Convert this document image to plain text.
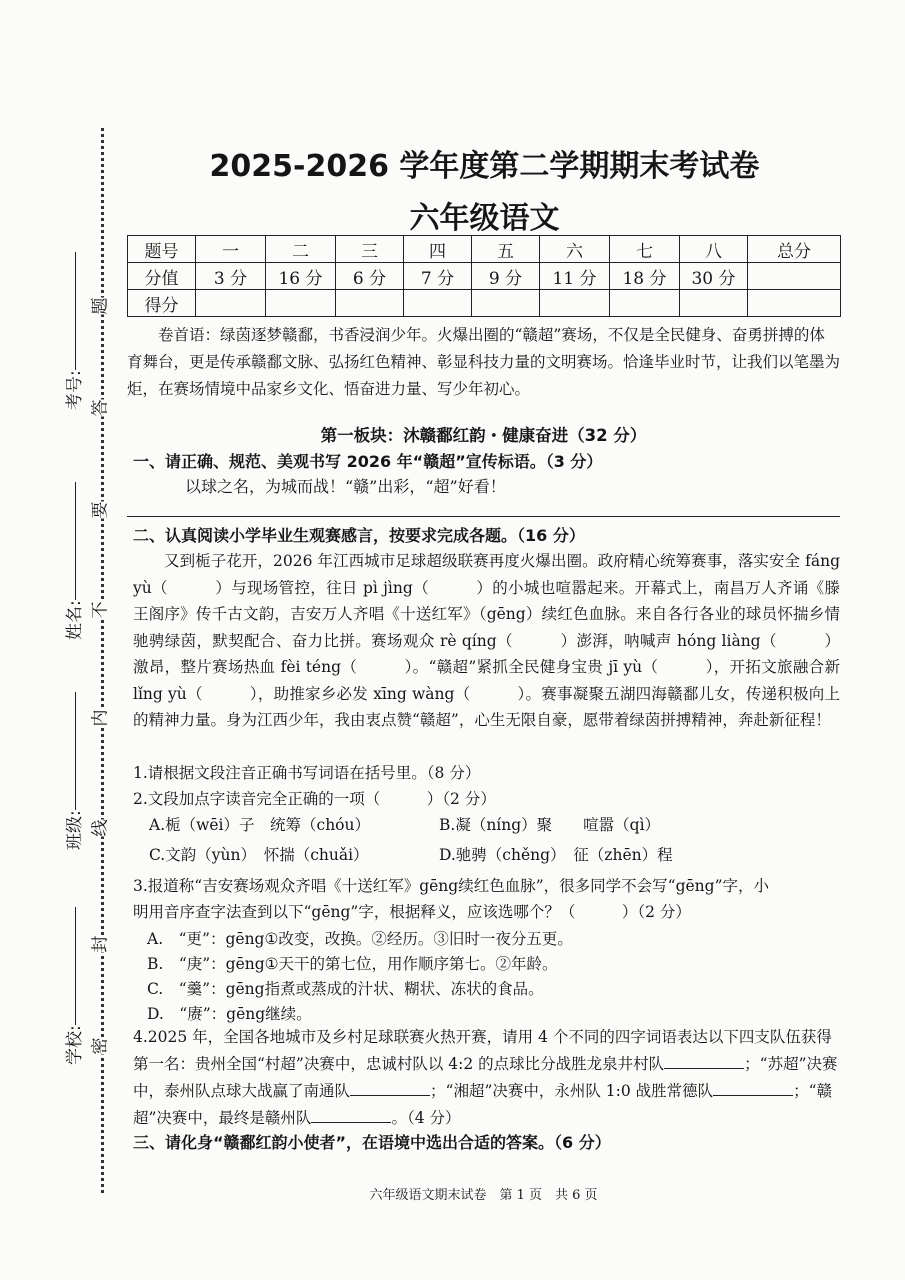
考号:
姓名:
班级:
学校:
题
答
要
不
内
线
封
密
2025-2026 学年度第二学期期末考试卷
六年级语文
题号	一	二	三	四	五	六	七	八	总分
分值	3 分	16 分	6 分	7 分	9 分	11 分	18 分	30 分	
得分									
卷首语：绿茵逐梦赣鄱，书香浸润少年。火爆出圈的“赣超”赛场，不仅是全民健身、奋勇拼搏的体育舞台，更是传承赣鄱文脉、弘扬红色精神、彰显科技力量的文明赛场。恰逢毕业时节，让我们以笔墨为炬，在赛场情境中品家乡文化、悟奋进力量、写少年初心。
第一板块：沐赣鄱红韵・健康奋进（32 分）
一、请正确、规范、美观书写 2026 年“赣超”宣传标语。（3 分）
以球之名，为城而战！“赣”出彩，“超”好看！
二、认真阅读小学毕业生观赛感言，按要求完成各题。（16 分）
又到栀子花开，2026 年江西城市足球超级联赛再度火爆出圈。政府精心统筹赛事，落实安全 fáng yù（　　　）与现场管控，往日 pì jìng（　　　）的小城也喧嚣起来。开幕式上，南昌万人齐诵《滕王阁序》传千古文韵，吉安万人齐唱《十送红军》（gēng）续红色血脉。来自各行各业的球员怀揣乡情驰骋绿茵，默契配合、奋力比拼。赛场观众 rè qíng（　　　）澎湃，呐喊声 hóng liàng（　　　）激昂，整片赛场热血 fèi téng（　　　）。“赣超”紧抓全民健身宝贵 jī yù（　　　），开拓文旅融合新 lǐng yù（　　　），助推家乡必发 xīng wàng（　　　）。赛事凝聚五湖四海赣鄱儿女，传递积极向上的精神力量。身为江西少年，我由衷点赞“赣超”，心生无限自豪，愿带着绿茵拼搏精神，奔赴新征程！
1.请根据文段注音正确书写词语在括号里。（8 分）
2.文段加点字读音完全正确的一项（　　　）（2 分）
A.栀（wēi）子　统筹（chóu）	B.凝（níng）聚　　喧嚣（qì）
C.文韵（yùn）　怀揣（chuǎi）	D.驰骋（chěng）　征（zhēn）程
3.报道称“吉安赛场观众齐唱《十送红军》gēng续红色血脉”，很多同学不会写“gēng”字，小
明用音序查字法查到以下“gēng”字，根据释义，应该选哪个？（　　　）（2 分）
A.　“更”：gēng①改变，改换。②经历。③旧时一夜分五更。
B.　“庚”：gēng①天干的第七位，用作顺序第七。②年龄。
C.　“羹”：gēng指煮或蒸成的汁状、糊状、冻状的食品。
D.　“赓”：gēng继续。
4.2025 年，全国各地城市及乡村足球联赛火热开赛，请用 4 个不同的四字词语表达以下四支队伍获得第一名：贵州全国“村超”决赛中，忠诚村队以 4:2 的点球比分战胜龙泉井村队	；“苏超”决赛中，泰州队点球大战赢了南通队	；“湘超”决赛中，永州队 1:0 战胜常德队	；“赣超”决赛中，最终是赣州队	。（4 分）
三、请化身“赣鄱红韵小使者”，在语境中选出合适的答案。（6 分）
六年级语文期末试卷　第 1 页　共 6 页
